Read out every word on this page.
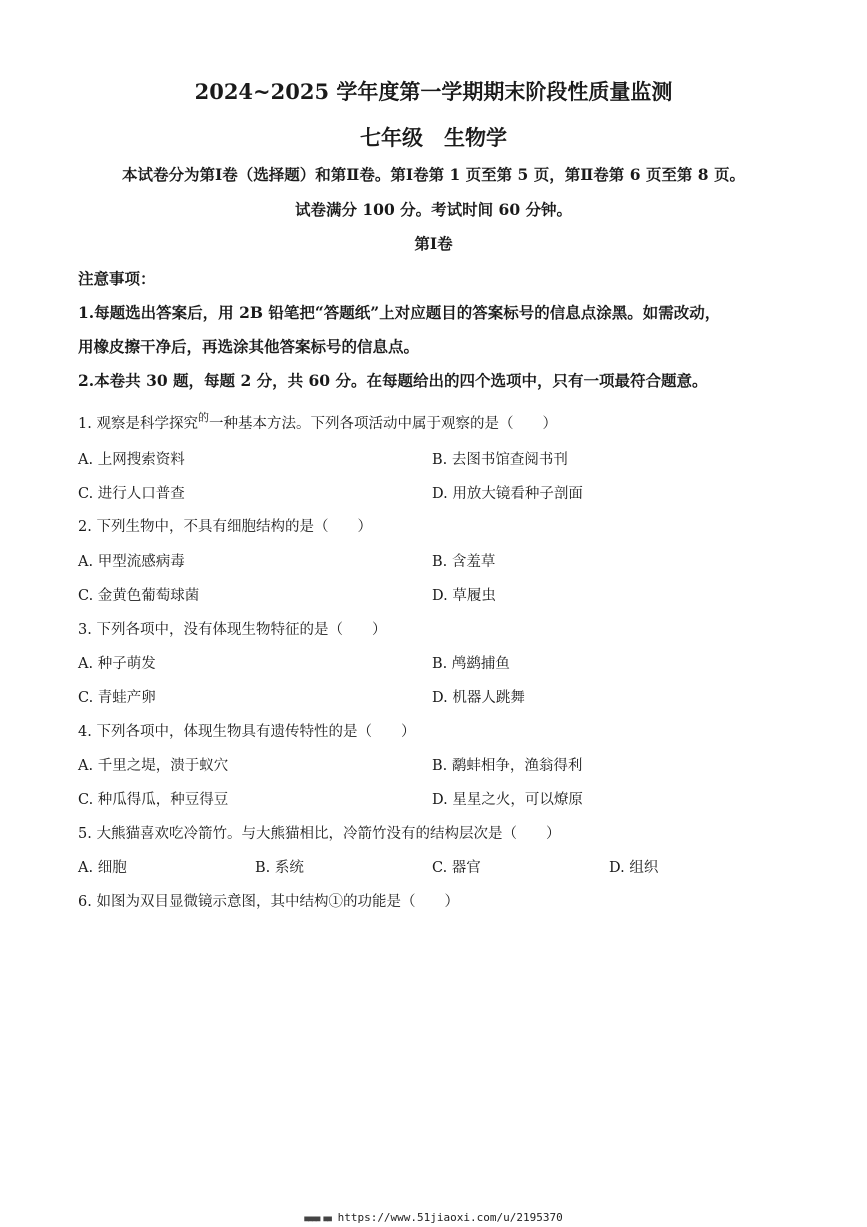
2024~2025 学年度第一学期期末阶段性质量监测
七年级　生物学
本试卷分为第Ⅰ卷（选择题）和第Ⅱ卷。第Ⅰ卷第 1 页至第 5 页，第Ⅱ卷第 6 页至第 8 页。
试卷满分 100 分。考试时间 60 分钟。
第Ⅰ卷
注意事项：
1.每题选出答案后，用 2B 铅笔把“答题纸”上对应题目的答案标号的信息点涂黑。如需改动，
用橡皮擦干净后，再选涂其他答案标号的信息点。
2.本卷共 30 题，每题 2 分，共 60 分。在每题给出的四个选项中，只有一项最符合题意。
1. 观察是科学探究$^的$一种基本方法。下列各项活动中属于观察的是（　　）
A. 上网搜索资料	B. 去图书馆查阅书刊
C. 进行人口普查	D. 用放大镜看种子剖面
2. 下列生物中，不具有细胞结构的是（　　）
A. 甲型流感病毒	B. 含羞草
C. 金黄色葡萄球菌	D. 草履虫
3. 下列各项中，没有体现生物特征的是（　　）
A. 种子萌发	B. 鸬鹚捕鱼
C. 青蛙产卵	D. 机器人跳舞
4. 下列各项中，体现生物具有遗传特性的是（　　）
A. 千里之堤，溃于蚁穴	B. 鹬蚌相争，渔翁得利
C. 种瓜得瓜，种豆得豆	D. 星星之火，可以燎原
5. 大熊猫喜欢吃冷箭竹。与大熊猫相比，冷箭竹没有的结构层次是（　　）
A. 细胞	B. 系统	C. 器官	D. 组织
6. 如图为双目显微镜示意图，其中结构①的功能是（　　）
■■■■ ■■ https://www.51jiaoxi.com/u/2195370
